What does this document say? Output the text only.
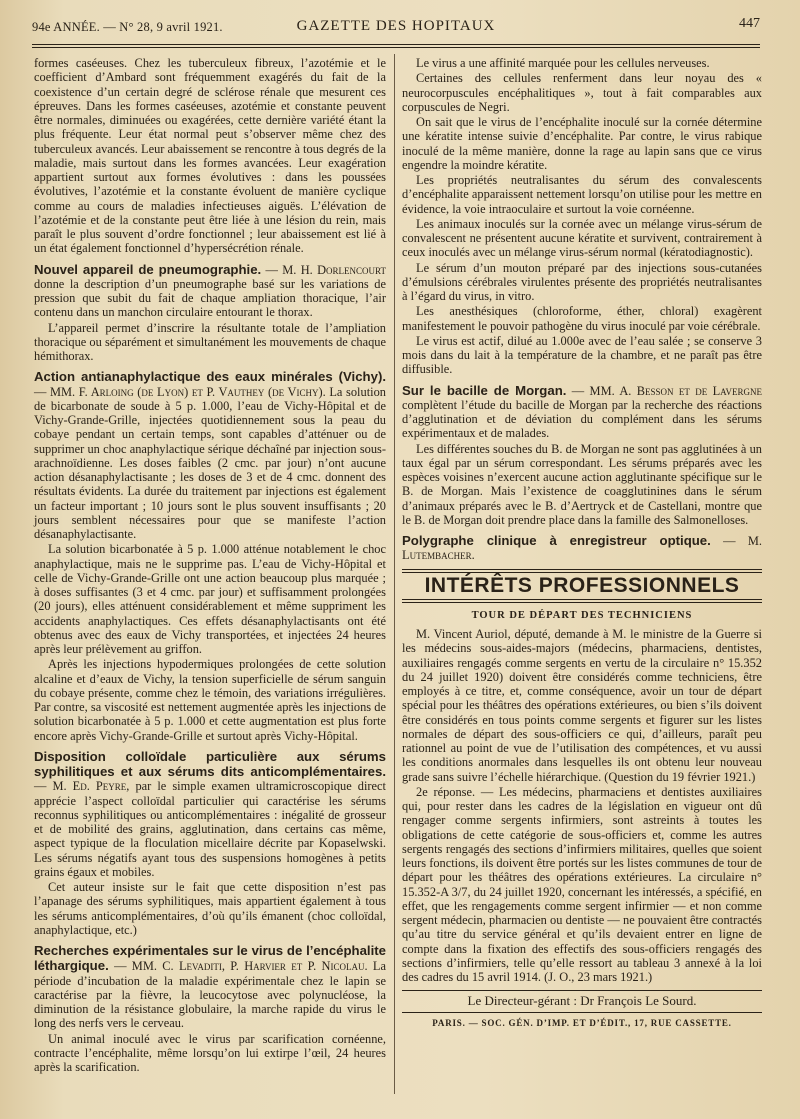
94e ANNÉE. — N° 28, 9 avril 1921.	GAZETTE DES HOPITAUX	447

formes caséeuses. Chez les tuberculeux fibreux, l’azotémie et le coefficient d’Ambard sont fréquemment exagérés du fait de la coexistence d’un certain degré de sclérose rénale que mesurent ces épreuves. Dans les formes caséeuses, azotémie et constante peuvent être normales, diminuées ou exagérées, cette dernière variété étant la plus fréquente. Leur état normal peut s’observer même chez des tuberculeux avancés. Leur abaissement se rencontre à tous degrés de la maladie, mais surtout dans les formes avancées. Leur exagération appartient surtout aux formes évolutives : dans les poussées évolutives, l’azotémie et la constante évoluent de manière cyclique comme au cours de maladies infectieuses aiguës. L’élévation de l’azotémie et de la constante peut être liée à une lésion du rein, mais paraît le plus souvent d’ordre fonctionnel ; leur abaissement est lié à un état également fonctionnel d’hypersécrétion rénale.

Nouvel appareil de pneumographie. — M. H. Dorlencourt donne la description d’un pneumographe basé sur les variations de pression que subit du fait de chaque ampliation thoracique, l’air contenu dans un manchon circulaire entourant le thorax.

L’appareil permet d’inscrire la résultante totale de l’ampliation thoracique ou séparément et simultanément les mouvements de chaque hémithorax.

Action antianaphylactique des eaux minérales (Vichy). — MM. F. Arloing (de Lyon) et P. Vauthey (de Vichy). La solution de bicarbonate de soude à 5 p. 1.000, l’eau de Vichy-Hôpital et de Vichy-Grande-Grille, injectées quotidiennement sous la peau du cobaye pendant un certain temps, sont capables d’atténuer ou de supprimer un choc anaphylactique sérique déchaîné par injection sous-arachnoïdienne. Les doses faibles (2 cmc. par jour) n’ont aucune action désanaphylactisante ; les doses de 3 et de 4 cmc. donnent des résultats évidents. La durée du traitement par injections est également un facteur important ; 10 jours sont le plus souvent insuffisants ; 20 jours semblent nécessaires pour que se manifeste l’action désanaphylactisante.

La solution bicarbonatée à 5 p. 1.000 atténue notablement le choc anaphylactique, mais ne le supprime pas. L’eau de Vichy-Hôpital et celle de Vichy-Grande-Grille ont une action beaucoup plus marquée ; à doses suffisantes (3 et 4 cmc. par jour) et suffisamment prolongées (20 jours), elles atténuent considérablement et même suppriment les accidents anaphylactiques. Ces effets désanaphylactisants ont été obtenus avec des eaux de Vichy transportées, et injectées 24 heures après leur prélèvement au griffon.

Après les injections hypodermiques prolongées de cette solution alcaline et d’eaux de Vichy, la tension superficielle de sérum sanguin du cobaye présente, comme chez le témoin, des variations irrégulières. Par contre, sa viscosité est nettement augmentée après les injections de solution bicarbonatée à 5 p. 1.000 et cette augmentation est plus forte encore après Vichy-Grande-Grille et surtout après Vichy-Hôpital.

Disposition colloïdale particulière aux sérums syphilitiques et aux sérums dits anticomplémentaires. — M. Ed. Peyre, par le simple examen ultramicroscopique direct apprécie l’aspect colloïdal particulier qui caractérise les sérums reconnus syphilitiques ou anticomplémentaires : inégalité de grosseur et de mobilité des grains, agglutination, dans certains cas même, aspect typique de la floculation micellaire décrite par Kopaselwski. Les sérums négatifs ayant tous des suspensions homogènes à petits grains égaux et mobiles.

Cet auteur insiste sur le fait que cette disposition n’est pas l’apanage des sérums syphilitiques, mais appartient également à tous les sérums anticomplémentaires, d’où qu’ils émanent (choc colloïdal, anaphylactique, etc.)

Recherches expérimentales sur le virus de l’encéphalite léthargique. — MM. C. Levaditi, P. Harvier et P. Nicolau. La période d’incubation de la maladie expérimentale chez le lapin se caractérise par la fièvre, la leucocytose avec polynucléose, la diminution de la résistance globulaire, la marche rapide du virus le long des nerfs vers le cerveau.

Un animal inoculé avec le virus par scarification cornéenne, contracte l’encéphalite, même lorsqu’on lui extirpe l’œil, 24 heures après la scarification.

Le virus a une affinité marquée pour les cellules nerveuses.

Certaines des cellules renferment dans leur noyau des « neurocorpuscules encéphalitiques », tout à fait comparables aux corpuscules de Negri.

On sait que le virus de l’encéphalite inoculé sur la cornée détermine une kératite intense suivie d’encéphalite. Par contre, le virus rabique inoculé de la même manière, donne la rage au lapin sans que ce virus engendre la moindre kératite.

Les propriétés neutralisantes du sérum des convalescents d’encéphalite apparaissent nettement lorsqu’on utilise pour les mettre en évidence, la voie intraoculaire et surtout la voie cornéenne.

Les animaux inoculés sur la cornée avec un mélange virus-sérum de convalescent ne présentent aucune kératite et survivent, contrairement à ceux inoculés avec un mélange virus-sérum normal (kératodiagnostic).

Le sérum d’un mouton préparé par des injections sous-cutanées d’émulsions cérébrales virulentes présente des propriétés neutralisantes à l’égard du virus, in vitro.

Les anesthésiques (chloroforme, éther, chloral) exagèrent manifestement le pouvoir pathogène du virus inoculé par voie cérébrale.

Le virus est actif, dilué au 1.000e avec de l’eau salée ; se conserve 3 mois dans du lait à la température de la chambre, et ne paraît pas être diffusible.

Sur le bacille de Morgan. — MM. A. Besson et de Lavergne complètent l’étude du bacille de Morgan par la recherche des réactions d’agglutination et de déviation du complément dans les sérums expérimentaux et de malades.

Les différentes souches du B. de Morgan ne sont pas agglutinées à un taux égal par un sérum correspondant. Les sérums préparés avec les espèces voisines n’exercent aucune action agglutinante spécifique sur le B. de Morgan. Mais l’existence de coagglutinines dans le sérum d’animaux préparés avec le B. d’Aertryck et de Castellani, montre que le B. de Morgan doit prendre place dans la famille des Salmonelloses.

Polygraphe clinique à enregistreur optique. — M. Lutembacher.

INTÉRÊTS PROFESSIONNELS
TOUR DE DÉPART DES TECHNICIENS

M. Vincent Auriol, député, demande à M. le ministre de la Guerre si les médecins sous-aides-majors (médecins, pharmaciens, dentistes, auxiliaires rengagés comme sergents en vertu de la circulaire n° 15.352 du 24 juillet 1920) doivent être considérés comme techniciens, être employés à ce titre, et, comme conséquence, avoir un tour de départ spécial pour les théâtres des opérations extérieures, ou bien s’ils doivent être considérés en tous points comme sergents et figurer sur les listes normales de départ des sous-officiers ce qui, d’ailleurs, paraît peu rationnel au point de vue de l’utilisation des compétences, et vu aussi les conditions anormales dans lesquelles ils ont obtenu leur nouveau grade sans suivre l’échelle hiérarchique. (Question du 19 février 1921.)

2e réponse. — Les médecins, pharmaciens et dentistes auxiliaires qui, pour rester dans les cadres de la législation en vigueur ont dû rengager comme sergents infirmiers, sont astreints à toutes les obligations de cette catégorie de sous-officiers et, comme les autres sergents rengagés des sections d’infirmiers militaires, quelles que soient leurs fonctions, ils doivent être portés sur les listes communes de tour de départ pour les théâtres des opérations extérieures. La circulaire n° 15.352-A 3/7, du 24 juillet 1920, concernant les intéressés, a spécifié, en effet, que les rengagements comme sergent infirmier — et non comme sergent médecin, pharmacien ou dentiste — ne pouvaient être contractés qu’au titre du service général et qu’ils devaient entrer en ligne de compte dans la fixation des effectifs des sous-officiers rengagés des sections d’infirmiers, telle qu’elle ressort au tableau 3 annexé à la loi des cadres du 15 avril 1914. (J. O., 23 mars 1921.)

Le Directeur-gérant : Dr François Le Sourd.
PARIS. — SOC. GÉN. D’IMP. ET D’ÉDIT., 17, RUE CASSETTE.
